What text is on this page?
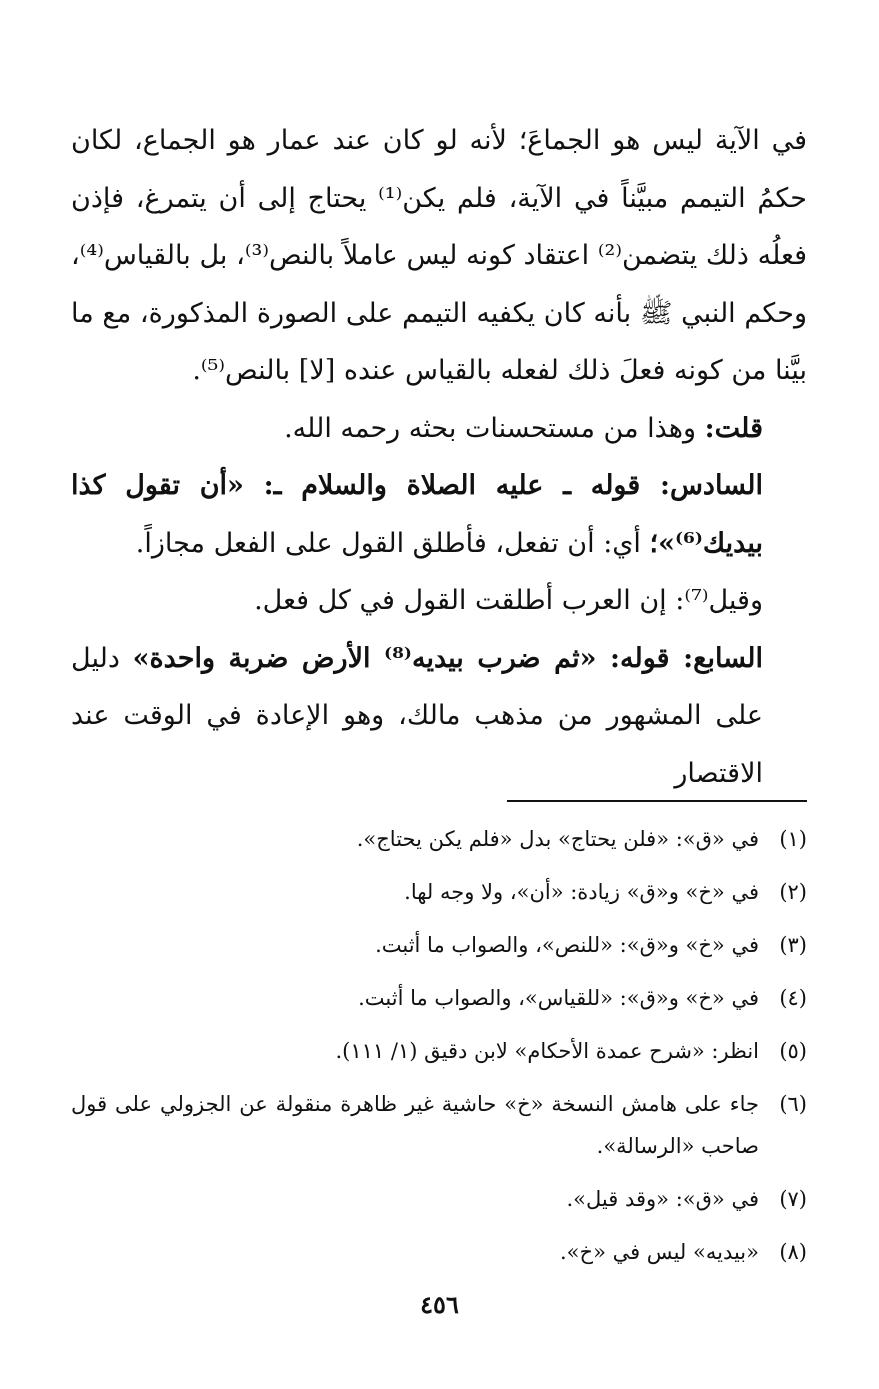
في الآية ليس هو الجماعَ؛ لأنه لو كان عند عمار هو الجماع، لكان حكمُ التيمم مبيَّناً في الآية، فلم يكن⁽¹⁾ يحتاج إلى أن يتمرغ، فإذن فعلُه ذلك يتضمن⁽²⁾ اعتقاد كونه ليس عاملاً بالنص⁽³⁾، بل بالقياس⁽⁴⁾، وحكم النبي ﷺ بأنه كان يكفيه التيمم على الصورة المذكورة، مع ما بيَّنا من كونه فعلَ ذلك لفعله بالقياس عنده [لا] بالنص⁽⁵⁾.

قلت: وهذا من مستحسنات بحثه رحمه الله.

السادس: قوله ـ عليه الصلاة والسلام ـ: «أن تقول كذا بيديك⁽⁶⁾»؛ أي: أن تفعل، فأطلق القول على الفعل مجازاً.

وقيل⁽⁷⁾: إن العرب أطلقت القول في كل فعل.

السابع: قوله: «ثم ضرب بيديه⁽⁸⁾ الأرض ضربة واحدة» دليل على المشهور من مذهب مالك، وهو الإعادة في الوقت عند الاقتصار

(١)
في «ق»: «فلن يحتاج» بدل «فلم يكن يحتاج».
(٢)
في «خ» و«ق» زيادة: «أن»، ولا وجه لها.
(٣)
في «خ» و«ق»: «للنص»، والصواب ما أثبت.
(٤)
في «خ» و«ق»: «للقياس»، والصواب ما أثبت.
(٥)
انظر: «شرح عمدة الأحكام» لابن دقيق (١/ ١١١).
(٦)
جاء على هامش النسخة «خ» حاشية غير ظاهرة منقولة عن الجزولي على قول صاحب «الرسالة».
(٧)
في «ق»: «وقد قيل».
(٨)
«بيديه» ليس في «خ».
٤٥٦
